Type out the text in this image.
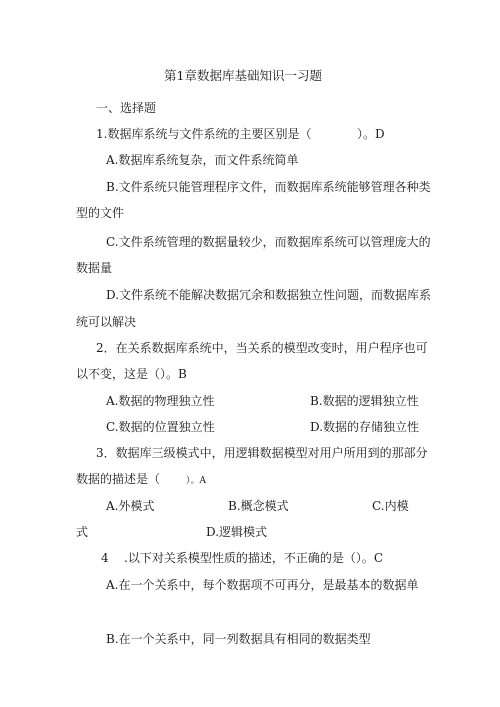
第1章数据库基础知识一习题
一、选择题
1.数据库系统与文件系统的主要区别是（	）。D
A.数据库系统复杂，而文件系统简单
B.文件系统只能管理程序文件，而数据库系统能够管理各种类
型的文件
C.文件系统管理的数据量较少，而数据库系统可以管理庞大的
数据量
D.文件系统不能解决数据冗余和数据独立性问题，而数据库系
统可以解决
2．在关系数据库系统中，当关系的模型改变时，用户程序也可
以不变，这是（）。B
A.数据的物理独立性	B.数据的逻辑独立性
C.数据的位置独立性	D.数据的存储独立性
3．数据库三级模式中，用逻辑数据模型对用户所用到的那部分
数据的描述是（	）。A
A.外模式	B.概念模式	C.内模
式	D.逻辑模式
4 .以下对关系模型性质的描述，不正确的是（）。C
A.在一个关系中，每个数据项不可再分，是最基本的数据单
B.在一个关系中，同一列数据具有相同的数据类型
